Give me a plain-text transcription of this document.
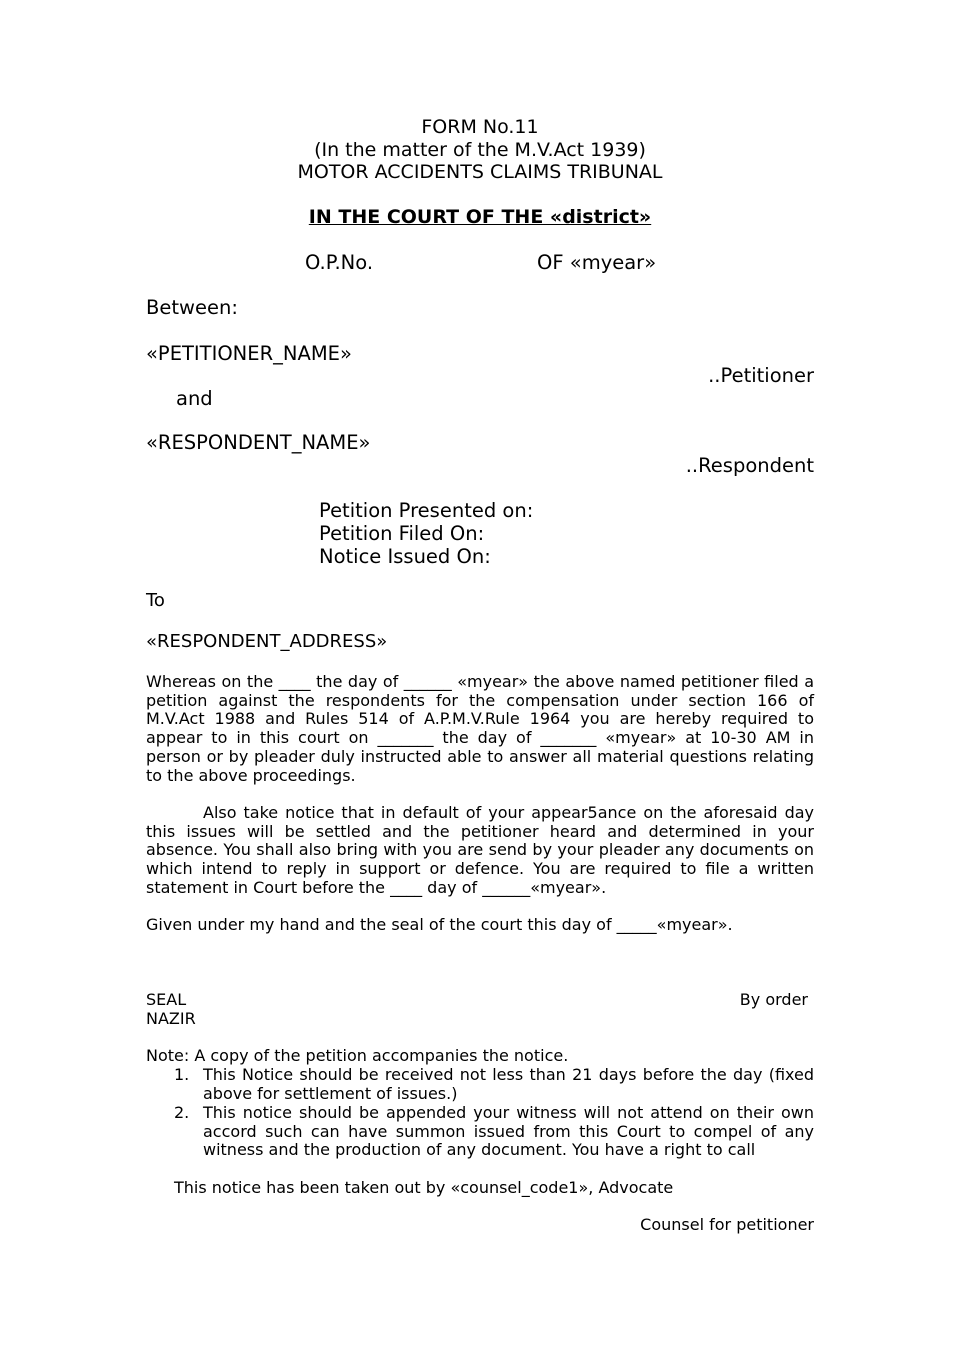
FORM No.11
(In the matter of the M.V.Act 1939)
MOTOR ACCIDENTS CLAIMS TRIBUNAL
IN THE COURT OF THE «district»
O.P.No.	OF «myear»
Between:
«PETITIONER_NAME»
..Petitioner
and
«RESPONDENT_NAME»
..Respondent
Petition Presented on:
Petition Filed On:
Notice Issued On:
To
«RESPONDENT_ADDRESS»
Whereas on the ____ the day of ______ «myear» the above named petitioner filed a petition against the respondents for the compensation under section 166 of M.V.Act 1988 and Rules 514 of A.P.M.V.Rule 1964 you are hereby required to appear to in this court on _______ the day of _______ «myear» at 10-30 AM in person or by pleader duly instructed able to answer all material questions relating to the above proceedings.
Also take notice that in default of your appear5ance on the aforesaid day this issues will be settled and the petitioner heard and determined in your absence. You shall also bring with you are send by your pleader any documents on which intend to reply in support or defence. You are required to file a written statement in Court before the ____ day of ______«myear».
Given under my hand and the seal of the court this day of _____«myear».
SEAL
NAZIR
By order
Note: A copy of the petition accompanies the notice.
1. This Notice should be received not less than 21 days before the day (fixed above for settlement of issues.)
2. This notice should be appended your witness will not attend on their own accord such can have summon issued from this Court to compel of any witness and the production of any document. You have a right to call
This notice has been taken out by «counsel_code1», Advocate
Counsel for petitioner
